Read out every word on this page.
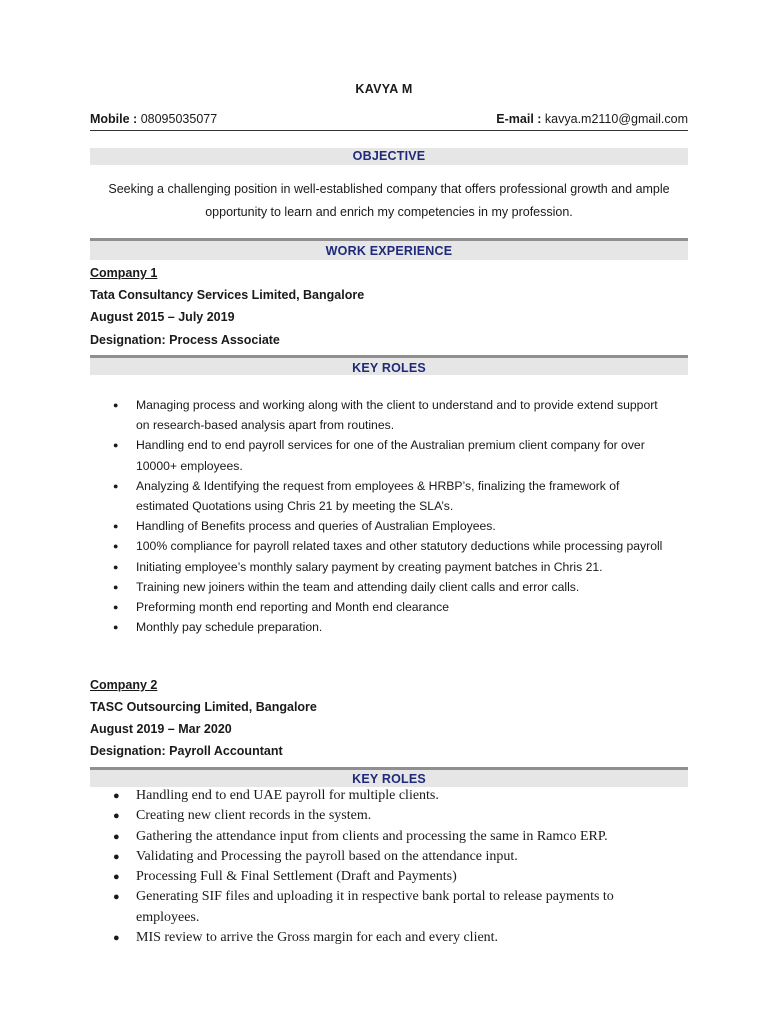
KAVYA M
Mobile : 08095035077	E-mail : kavya.m2110@gmail.com
OBJECTIVE
Seeking a challenging position in well-established company that offers professional growth and ample
opportunity to learn and enrich my competencies in my profession.
WORK EXPERIENCE
Company 1
Tata Consultancy Services Limited, Bangalore
August 2015 – July 2019
Designation: Process Associate
KEY ROLES
● Managing process and working along with the client to understand and to provide extend support
on research-based analysis apart from routines.
● Handling end to end payroll services for one of the Australian premium client company for over
10000+ employees.
● Analyzing & Identifying the request from employees & HRBP’s, finalizing the framework of
estimated Quotations using Chris 21 by meeting the SLA’s.
● Handling of Benefits process and queries of Australian Employees.
● 100% compliance for payroll related taxes and other statutory deductions while processing payroll
● Initiating employee’s monthly salary payment by creating payment batches in Chris 21.
● Training new joiners within the team and attending daily client calls and error calls.
● Preforming month end reporting and Month end clearance
● Monthly pay schedule preparation.
Company 2
TASC Outsourcing Limited, Bangalore
August 2019 – Mar 2020
Designation: Payroll Accountant
KEY ROLES
● Handling end to end UAE payroll for multiple clients.
● Creating new client records in the system.
● Gathering the attendance input from clients and processing the same in Ramco ERP.
● Validating and Processing the payroll based on the attendance input.
● Processing Full & Final Settlement (Draft and Payments)
● Generating SIF files and uploading it in respective bank portal to release payments to
employees.
● MIS review to arrive the Gross margin for each and every client.
